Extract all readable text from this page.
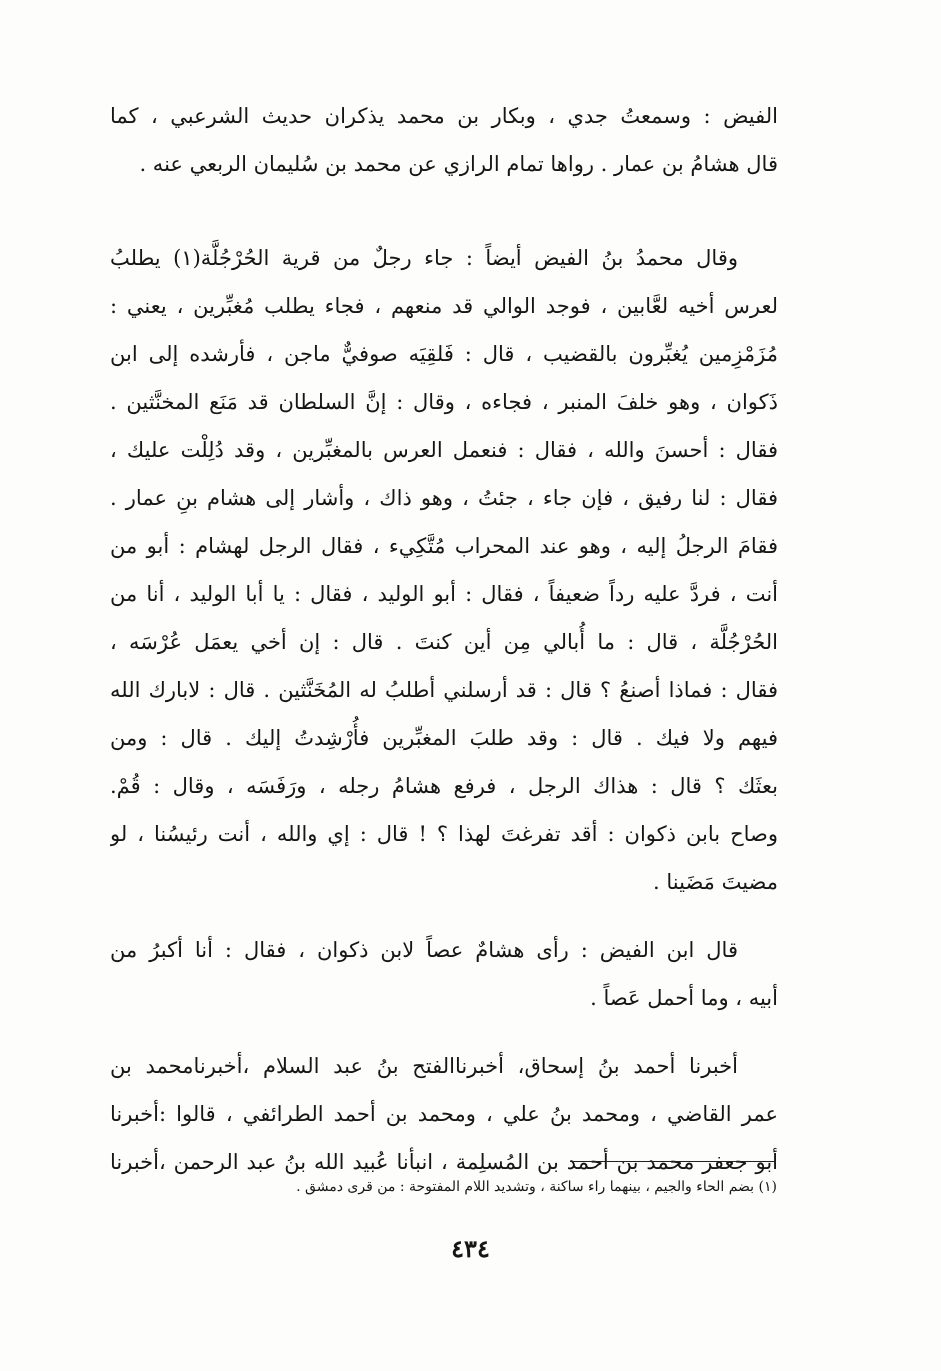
الفيض : وسمعتُ جدي ، وبكار بن محمد يذكران حديث الشرعبي ، كما
قال هشامُ بن عمار . رواها تمام الرازي عن محمد بن سُليمان الربعي عنه .
وقال محمدُ بنُ الفيض أيضاً : جاء رجلٌ من قرية الحُرْجُلَّة(١) يطلبُ
لعرس أخيه لعَّابين ، فوجد الوالي قد منعهم ، فجاء يطلب مُغبِّرين ، يعني :
مُزَمْزِمين يُغبِّرون بالقضيب ، قال : فَلقِيَه صوفيٌّ ماجن ، فأرشده إلى ابن
ذَكوان ، وهو خلفَ المنبر ، فجاءه ، وقال : إنَّ السلطان قد مَنَع المخنَّثين .
فقال : أحسنَ والله ، فقال : فنعمل العرس بالمغبِّرين ، وقد دُلِلْت عليك ،
فقال : لنا رفيق ، فإن جاء ، جئتُ ، وهو ذاك ، وأشار إلى هشام بنِ عمار .
فقامَ الرجلُ إليه ، وهو عند المحراب مُتَّكِيء ، فقال الرجل لهشام : أبو من
أنت ، فردَّ عليه رداً ضعيفاً ، فقال : أبو الوليد ، فقال : يا أبا الوليد ، أنا من
الحُرْجُلَّة ، قال : ما أُبالي مِن أين كنتَ . قال : إن أخي يعمَل عُرْسَه ،
فقال : فماذا أصنعُ ؟ قال : قد أرسلني أطلبُ له المُخَنَّثين . قال : لابارك الله
فيهم ولا فيك . قال : وقد طلبَ المغبِّرين فأُرْشِدتُ إليك . قال : ومن
بعثَك ؟ قال : هذاك الرجل ، فرفع هشامُ رجله ، ورَفَسَه ، وقال : قُمْ.
وصاح بابن ذكوان : أقد تفرغتَ لهذا ؟ ! قال : إي والله ، أنت رئيسُنا ، لو
مضيتَ مَضَينا .
قال ابن الفيض : رأى هشامٌ عصاً لابن ذكوان ، فقال : أنا أكبرُ من
أبيه ، وما أحمل عَصاً .
أخبرنا أحمد بنُ إسحاق، أخبرناالفتح بنُ عبد السلام ،أخبرنامحمد بن
عمر القاضي ، ومحمد بنُ علي ، ومحمد بن أحمد الطرائفي ، قالوا :أخبرنا
أبو جعفر محمد بن أحمد بن المُسلِمة ، انبأنا عُبيد الله بنُ عبد الرحمن ،أخبرنا
(١) بضم الحاء والجيم ، بينهما راء ساكنة ، وتشديد اللام المفتوحة : من قرى دمشق .
٤٣٤
